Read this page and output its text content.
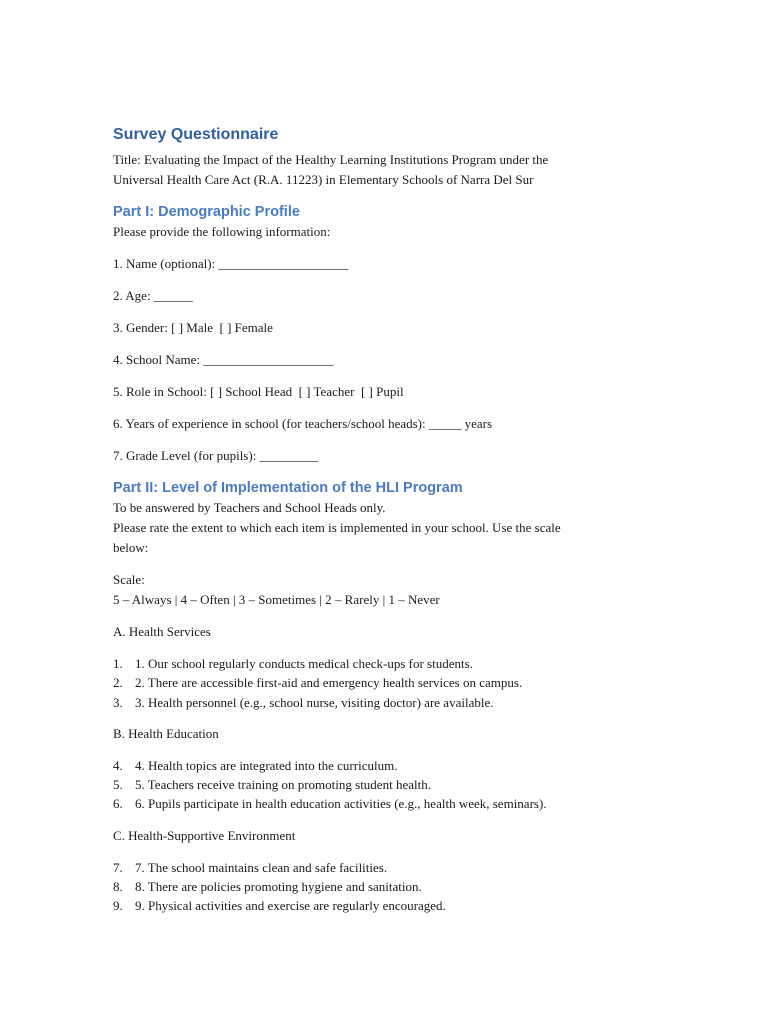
Survey Questionnaire
Title: Evaluating the Impact of the Healthy Learning Institutions Program under the
Universal Health Care Act (R.A. 11223) in Elementary Schools of Narra Del Sur
Part I: Demographic Profile
Please provide the following information:
1. Name (optional): ____________________
2. Age: ______
3. Gender: [ ] Male  [ ] Female
4. School Name: ____________________
5. Role in School: [ ] School Head  [ ] Teacher  [ ] Pupil
6. Years of experience in school (for teachers/school heads): _____ years
7. Grade Level (for pupils): _________
Part II: Level of Implementation of the HLI Program
To be answered by Teachers and School Heads only.
Please rate the extent to which each item is implemented in your school. Use the scale
below:
Scale:
5 – Always | 4 – Often | 3 – Sometimes | 2 – Rarely | 1 – Never
A. Health Services
1. 1. Our school regularly conducts medical check-ups for students.
2. 2. There are accessible first-aid and emergency health services on campus.
3. 3. Health personnel (e.g., school nurse, visiting doctor) are available.
B. Health Education
4. 4. Health topics are integrated into the curriculum.
5. 5. Teachers receive training on promoting student health.
6. 6. Pupils participate in health education activities (e.g., health week, seminars).
C. Health-Supportive Environment
7. 7. The school maintains clean and safe facilities.
8. 8. There are policies promoting hygiene and sanitation.
9. 9. Physical activities and exercise are regularly encouraged.
